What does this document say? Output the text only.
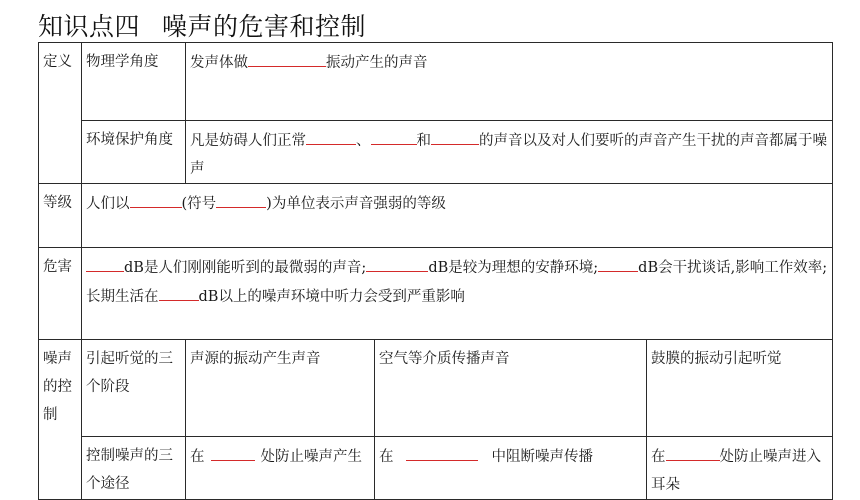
知识点四 噪声的危害和控制
定义	物理学角度	发声体做 振动产生的声音		
	环境保护角度	凡是妨碍人们正常 、 和 的声音以及对人们要听的声音产生干扰的声音都属于噪声		
等级	人们以 (符号 )为单位表示声音强弱的等级			
危害	dB是人们刚刚能听到的最微弱的声音; dB是较为理想的安静环境; dB会干扰谈话,影响工作效率;长期生活在 dB以上的噪声环境中听力会受到严重影响			
噪声的控制	引起听觉的三个阶段	声源的振动产生声音	空气等介质传播声音	鼓膜的振动引起听觉
	控制噪声的三个途径	在 处防止噪声产生	在 中阻断噪声传播	在 处防止噪声进入耳朵
